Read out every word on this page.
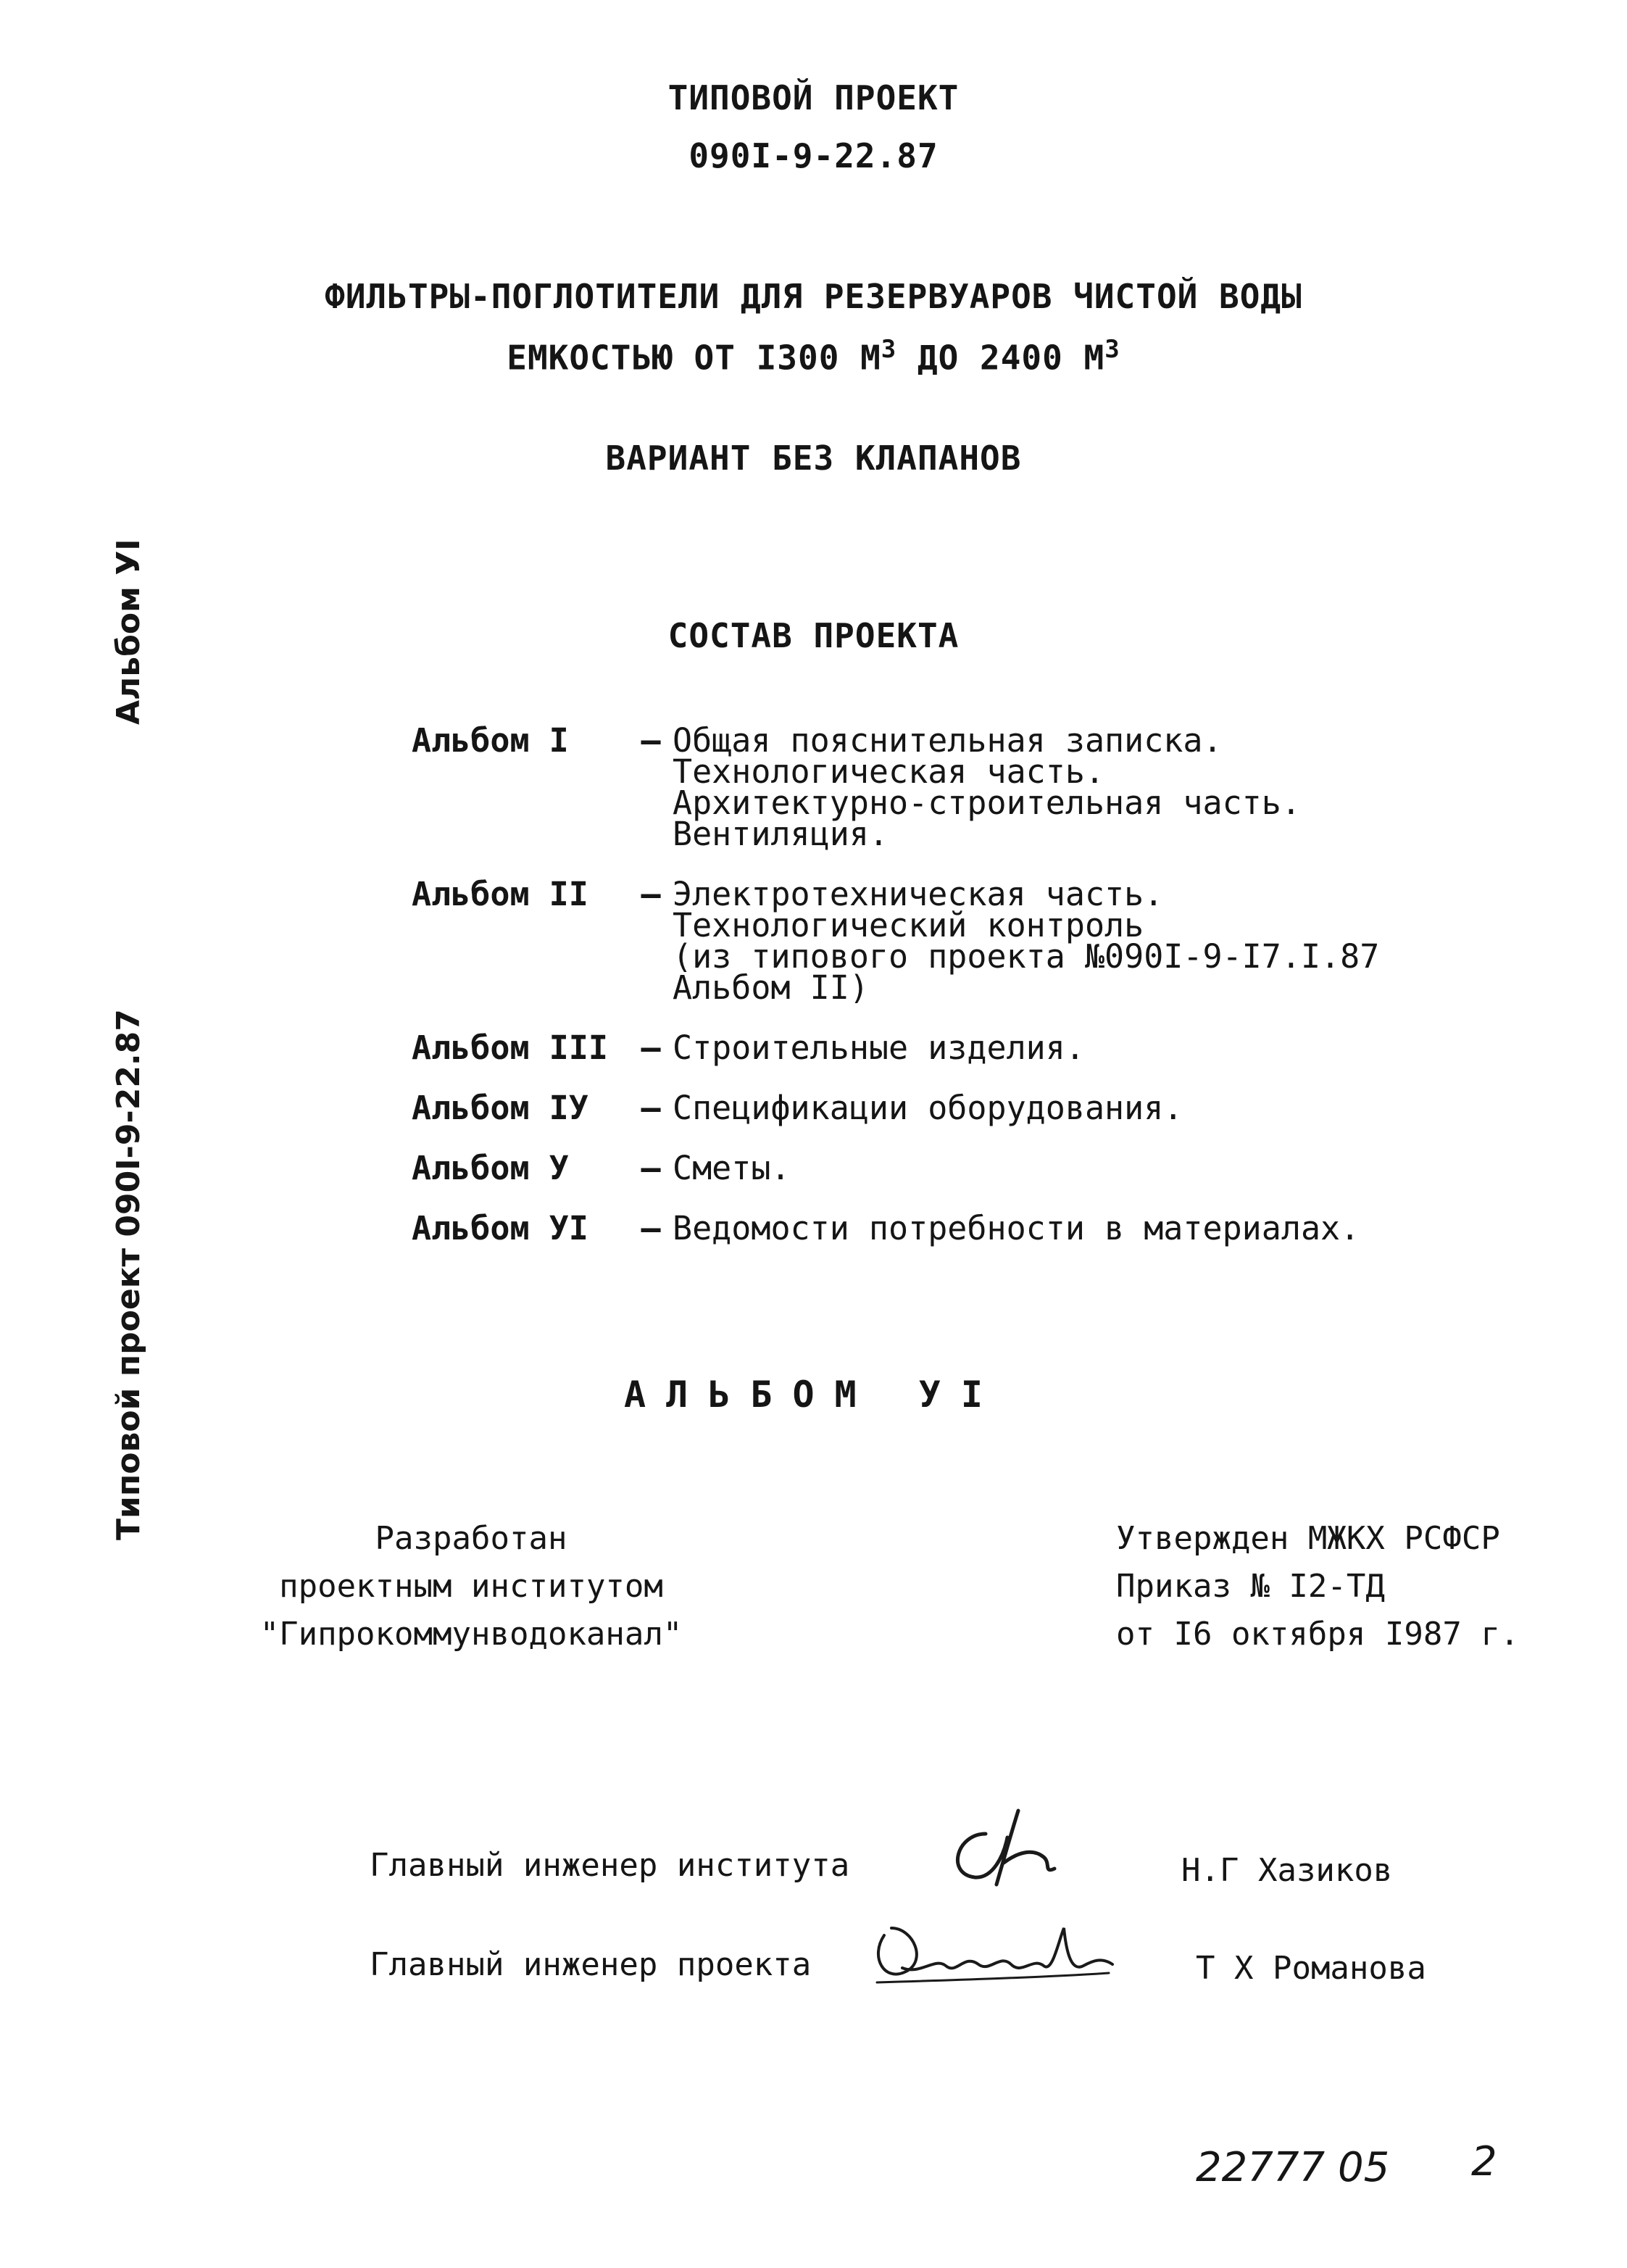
Альбом УI
Типовой проект 090I-9-22.87
ТИПОВОЙ ПРОЕКТ
090I-9-22.87
ФИЛЬТРЫ-ПОГЛОТИТЕЛИ ДЛЯ РЕЗЕРВУАРОВ ЧИСТОЙ ВОДЫ
ЕМКОСТЬЮ ОТ I300 $М^3$ ДО 2400 $М^3$
ВАРИАНТ БЕЗ КЛАПАНОВ
СОСТАВ ПРОЕКТА
Альбом I	– Общая пояснительная записка.
Технологическая часть.
Архитектурно-строительная часть.
Вентиляция.
Альбом II	– Электротехническая часть.
Технологический контроль
(из типового проекта №090I-9-I7.I.87
Альбом II)
Альбом III	– Строительные изделия.
Альбом IУ	– Спецификации оборудования.
Альбом У	– Сметы.
Альбом УI	– Ведомости потребности в материалах.
АЛЬБОМ УI
Разработан
проектным институтом
"Гипрокоммунводоканал"
Утвержден МЖКХ РСФСР
Приказ № I2-ТД
от I6 октября I987 г.
Главный инженер института	Н.Г Хазиков
Главный инженер проекта	Т Х Романова
22777 05 2
